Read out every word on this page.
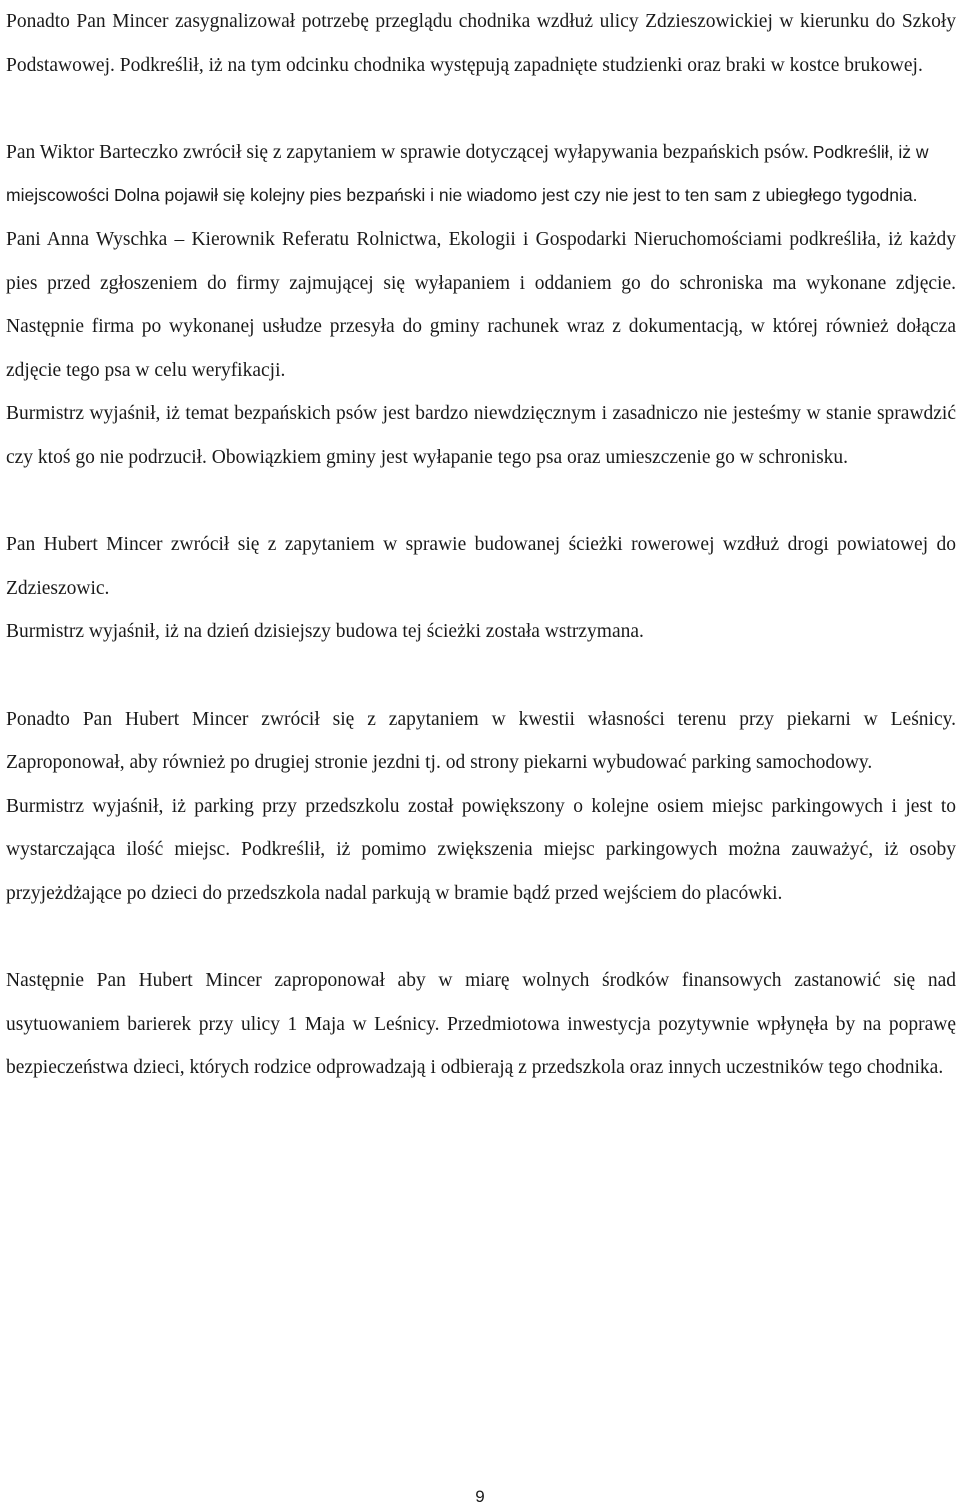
Ponadto Pan Mincer zasygnalizował potrzebę przeglądu chodnika wzdłuż ulicy Zdzieszowickiej w kierunku do Szkoły Podstawowej. Podkreślił, iż na tym odcinku chodnika występują zapadnięte studzienki oraz braki w kostce brukowej.

Pan Wiktor Barteczko zwrócił się z zapytaniem w sprawie dotyczącej wyłapywania bezpańskich psów. Podkreślił, iż w miejscowości Dolna pojawił się kolejny pies bezpański i nie wiadomo jest czy nie jest to ten sam z ubiegłego tygodnia.

Pani Anna Wyschka – Kierownik Referatu Rolnictwa, Ekologii i Gospodarki Nieruchomościami podkreśliła, iż każdy pies przed zgłoszeniem do firmy zajmującej się wyłapaniem i oddaniem go do schroniska ma wykonane zdjęcie. Następnie firma po wykonanej usłudze przesyła do gminy rachunek wraz z dokumentacją, w której również dołącza zdjęcie tego psa w celu weryfikacji.

Burmistrz wyjaśnił, iż temat bezpańskich psów jest bardzo niewdzięcznym i zasadniczo nie jesteśmy w stanie sprawdzić czy ktoś go nie podrzucił. Obowiązkiem gminy jest wyłapanie tego psa oraz umieszczenie go w schronisku.

Pan Hubert Mincer zwrócił się z zapytaniem w sprawie budowanej ścieżki rowerowej wzdłuż drogi powiatowej do Zdzieszowic.

Burmistrz wyjaśnił, iż na dzień dzisiejszy budowa tej ścieżki została wstrzymana.

Ponadto Pan Hubert Mincer zwrócił się z zapytaniem w kwestii własności terenu przy piekarni w Leśnicy. Zaproponował, aby również po drugiej stronie jezdni tj. od strony piekarni wybudować parking samochodowy.

Burmistrz wyjaśnił, iż parking przy przedszkolu został powiększony o kolejne osiem miejsc parkingowych i jest to wystarczająca ilość miejsc. Podkreślił, iż pomimo zwiększenia miejsc parkingowych można zauważyć, iż osoby przyjeżdżające po dzieci do przedszkola nadal parkują w bramie bądź przed wejściem do placówki.

Następnie Pan Hubert Mincer zaproponował aby w miarę wolnych środków finansowych zastanowić się nad usytuowaniem barierek przy ulicy 1 Maja w Leśnicy. Przedmiotowa inwestycja pozytywnie wpłynęła by na poprawę bezpieczeństwa dzieci, których rodzice odprowadzają i odbierają z przedszkola oraz innych uczestników tego chodnika.

9
